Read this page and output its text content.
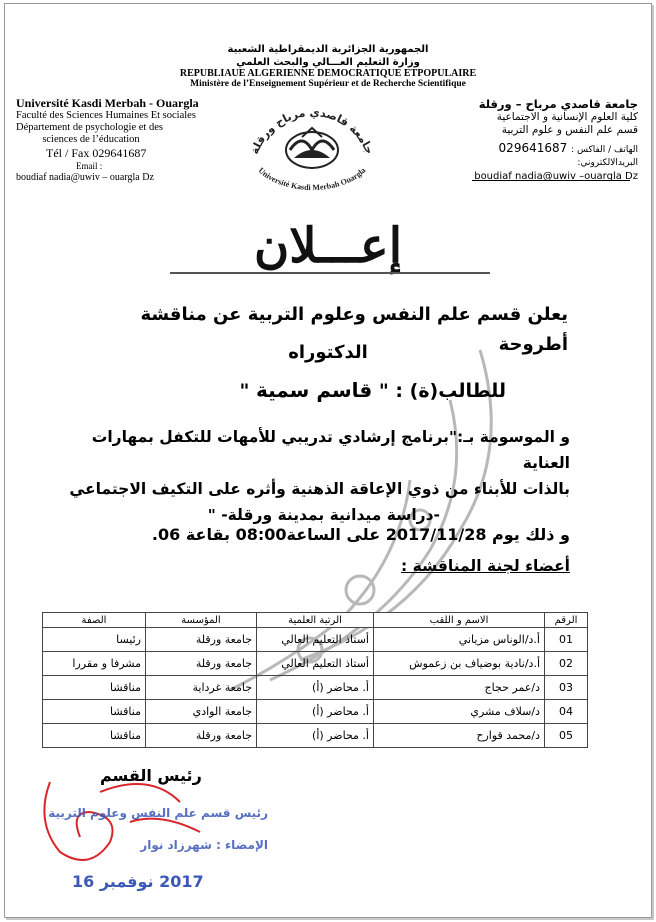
الجمهورية الجزائرية الديمقراطية الشعبية
وزارة التعليم العـــالي والبحث العلمي
REPUBLIAUE ALGERIENNE DEMOCRATIQUE ETPOPULAIRE
Ministère de l’Enseignement Supérieur et de Recherche Scientifique
Université Kasdi Merbah - Ouargla
Faculté des Sciences Humaines Et sociales
Département de psychologie et des
sciences de l’éducation
Tél / Fax 029641687
Email :
boudiaf nadia@uwiv – ouargla Dz
جامعة قاصدي مرباح – ورقلة
كلية العلوم الإنسانية و الاجتماعية
قسم علم النفس و علوم التربية
الهاتف / الفاكس : 029641687
البريدالالكتروني:
boudiaf nadia@uwiv –ouargla Dz
جامعة قاصدي مرباح ورقلة
Université Kasdi Merbah Ouargla
إعـــلان
يعلن قسم علم النفس وعلوم التربية عن مناقشة أطروحة
الدكتوراه
للطالب(ة) : " قاسم سمية "
و الموسومة بـ:"برنامج إرشادي تدريبي للأمهات للتكفل بمهارات العناية
بالذات للأبناء من ذوي الإعاقة الذهنية وأثره على التكيف الاجتماعي
-دراسة ميدانية بمدينة ورقلة- "
و ذلك يوم 2017/11/28 على الساعة08:00 بقاعة 06.
أعضاء لجنة المناقشة :
الرقم	الاسم و اللقب	الرتبة العلمية	المؤسسة	الصفة
01	أ.د/الوناس مزياني	أستاذ التعليم العالي	جامعة ورقلة	رئيسا
02	أ.د/نادية بوضياف بن زعموش	أستاذ التعليم العالي	جامعة ورقلة	مشرفا و مقررا
03	د/عمر حجاج	أ. محاضر (أ)	جامعة غرداية	مناقشا
04	د/سلاف مشري	أ. محاضر (أ)	جامعة الوادي	مناقشا
05	د/محمد قوارح	أ. محاضر (أ)	جامعة ورقلة	مناقشا
رئيس القسم
رئيس قسم علم النفس وعلوم التربية
الإمضاء : شهرزاد نوار
2017 نوفمبر 16
